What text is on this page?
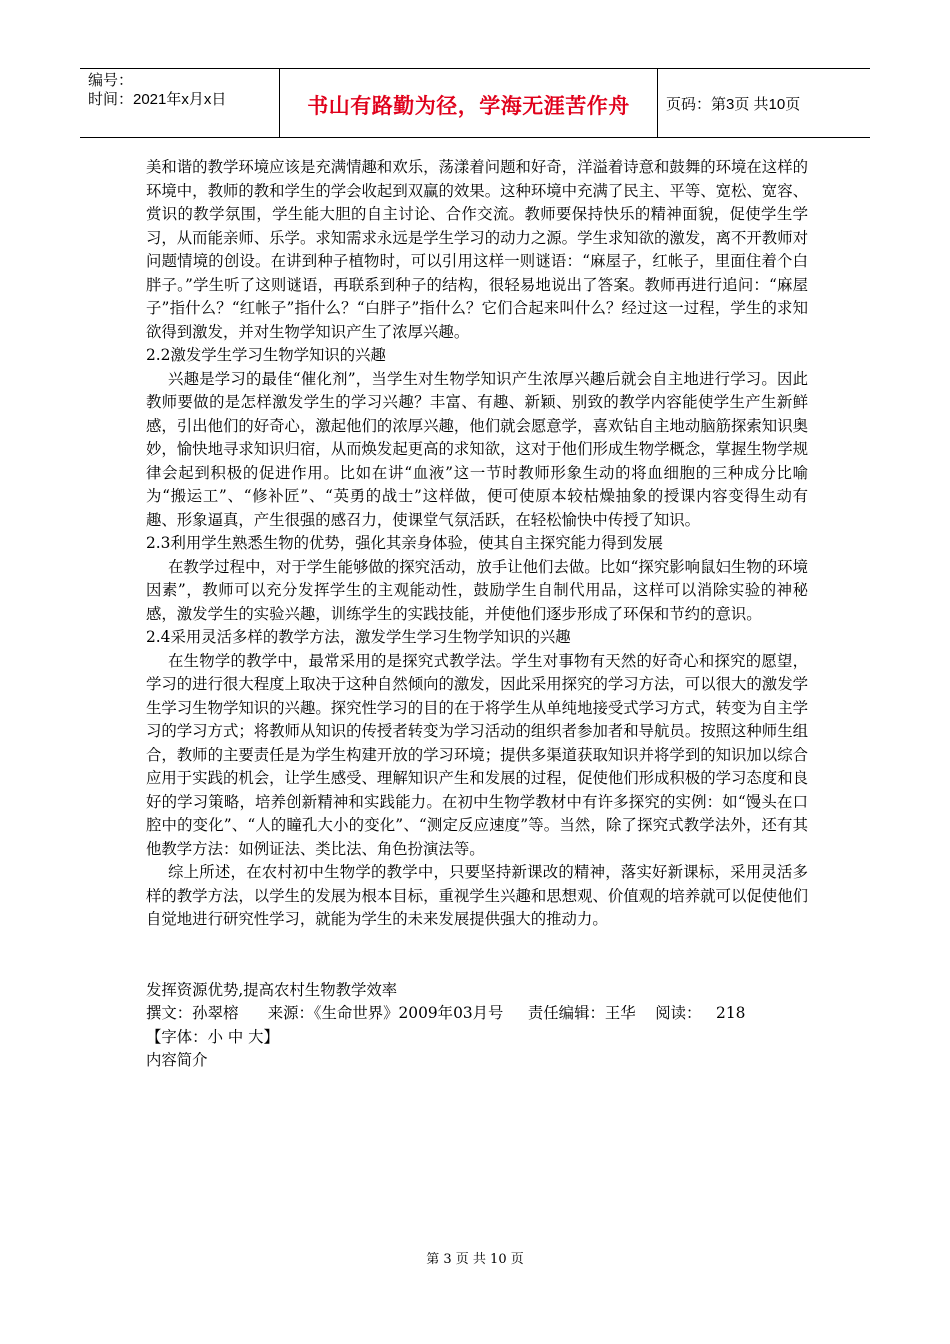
编号：
时间：2021年x月x日	书山有路勤为径，学海无涯苦作舟 页码：第3页 共10页

美和谐的教学环境应该是充满情趣和欢乐，荡漾着问题和好奇，洋溢着诗意和鼓舞的环境在这样的环境中，教师的教和学生的学会收起到双赢的效果。这种环境中充满了民主、平等、宽松、宽容、赏识的教学氛围，学生能大胆的自主讨论、合作交流。教师要保持快乐的精神面貌，促使学生学习，从而能亲师、乐学。求知需求永远是学生学习的动力之源。学生求知欲的激发，离不开教师对问题情境的创设。在讲到种子植物时，可以引用这样一则谜语：“麻屋子，红帐子，里面住着个白胖子。”学生听了这则谜语，再联系到种子的结构，很轻易地说出了答案。教师再进行追问：“麻屋子”指什么？“红帐子”指什么？“白胖子”指什么？它们合起来叫什么？经过这一过程，学生的求知欲得到激发，并对生物学知识产生了浓厚兴趣。

2.2激发学生学习生物学知识的兴趣

兴趣是学习的最佳“催化剂”，当学生对生物学知识产生浓厚兴趣后就会自主地进行学习。因此教师要做的是怎样激发学生的学习兴趣？丰富、有趣、新颖、别致的教学内容能使学生产生新鲜感，引出他们的好奇心，激起他们的浓厚兴趣，他们就会愿意学，喜欢钻自主地动脑筋探索知识奥妙，愉快地寻求知识归宿，从而焕发起更高的求知欲，这对于他们形成生物学概念，掌握生物学规律会起到积极的促进作用。比如在讲“血液”这一节时教师形象生动的将血细胞的三种成分比喻为“搬运工”、“修补匠”、“英勇的战士”这样做，便可使原本较枯燥抽象的授课内容变得生动有趣、形象逼真，产生很强的感召力，使课堂气氛活跃，在轻松愉快中传授了知识。

2.3利用学生熟悉生物的优势，强化其亲身体验，使其自主探究能力得到发展

在教学过程中，对于学生能够做的探究活动，放手让他们去做。比如“探究影响鼠妇生物的环境因素”，教师可以充分发挥学生的主观能动性，鼓励学生自制代用品，这样可以消除实验的神秘感，激发学生的实验兴趣，训练学生的实践技能，并使他们逐步形成了环保和节约的意识。

2.4采用灵活多样的教学方法，激发学生学习生物学知识的兴趣

在生物学的教学中，最常采用的是探究式教学法。学生对事物有天然的好奇心和探究的愿望，学习的进行很大程度上取决于这种自然倾向的激发，因此采用探究的学习方法，可以很大的激发学生学习生物学知识的兴趣。探究性学习的目的在于将学生从单纯地接受式学习方式，转变为自主学习的学习方式；将教师从知识的传授者转变为学习活动的组织者参加者和导航员。按照这种师生组合，教师的主要责任是为学生构建开放的学习环境；提供多渠道获取知识并将学到的知识加以综合应用于实践的机会，让学生感受、理解知识产生和发展的过程，促使他们形成积极的学习态度和良好的学习策略，培养创新精神和实践能力。在初中生物学教材中有许多探究的实例：如“馒头在口腔中的变化”、“人的瞳孔大小的变化”、“测定反应速度”等。当然，除了探究式教学法外，还有其他教学方法：如例证法、类比法、角色扮演法等。

综上所述，在农村初中生物学的教学中，只要坚持新课改的精神，落实好新课标，采用灵活多样的教学方法，以学生的发展为根本目标，重视学生兴趣和思想观、价值观的培养就可以促使他们自觉地进行研究性学习，就能为学生的未来发展提供强大的推动力。

发挥资源优势,提高农村生物教学效率

撰文：孙翠榕      来源：《生命世界》2009年03月号     责任编辑：王华    阅读：   218

【字体：小 中 大】

内容简介

第 3 页 共 10 页
